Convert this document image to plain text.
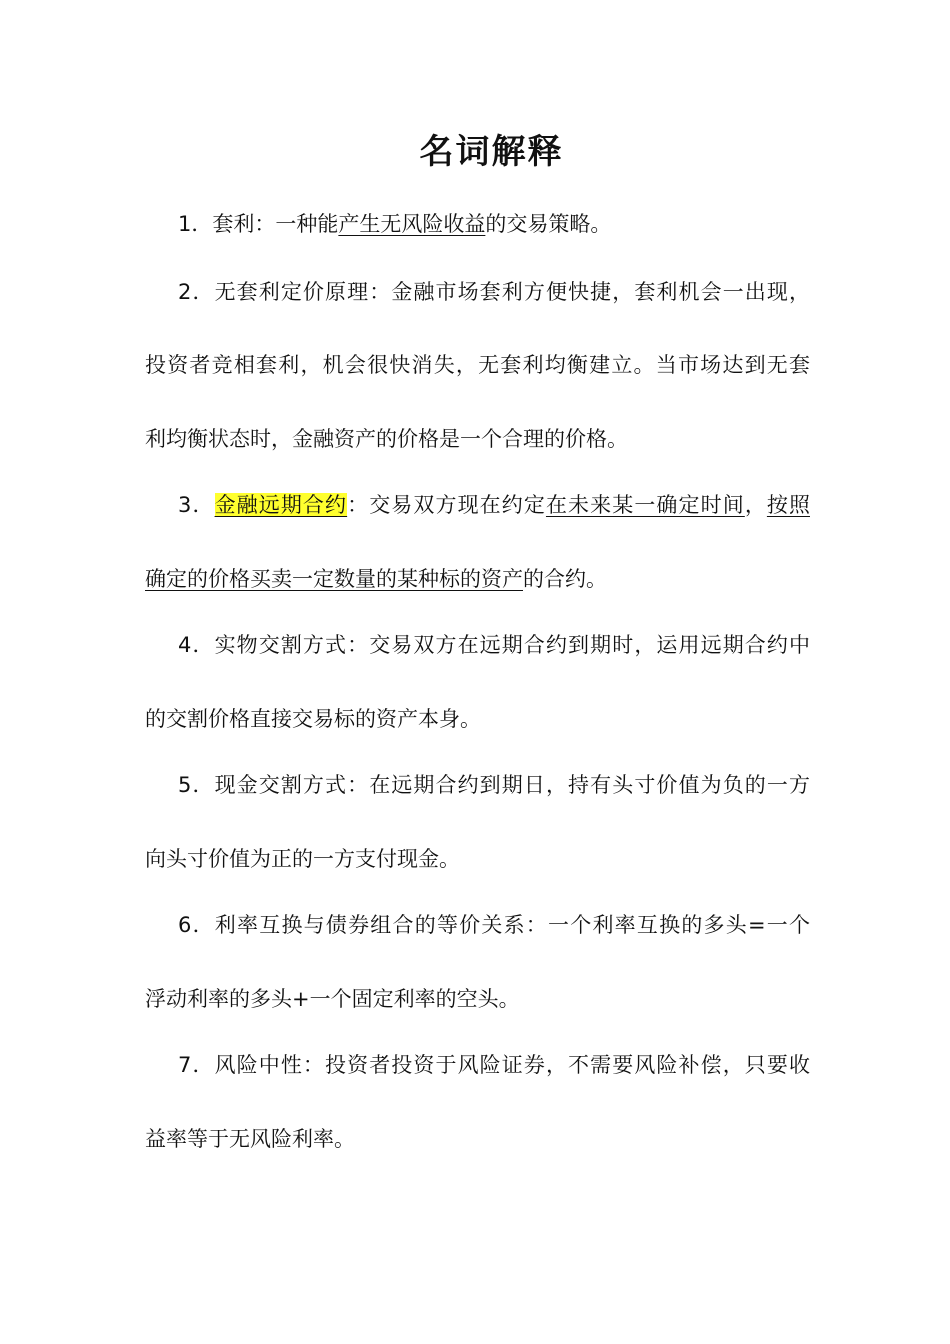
名词解释

1．套利：一种能产生无风险收益的交易策略。

2．无套利定价原理：金融市场套利方便快捷，套利机会一出现，

投资者竞相套利，机会很快消失，无套利均衡建立。当市场达到无套

利均衡状态时，金融资产的价格是一个合理的价格。

3．金融远期合约：交易双方现在约定在未来某一确定时间，按照

确定的价格买卖一定数量的某种标的资产的合约。

4．实物交割方式：交易双方在远期合约到期时，运用远期合约中

的交割价格直接交易标的资产本身。

5．现金交割方式：在远期合约到期日，持有头寸价值为负的一方

向头寸价值为正的一方支付现金。

6．利率互换与债券组合的等价关系：一个利率互换的多头=一个

浮动利率的多头+一个固定利率的空头。

7．风险中性：投资者投资于风险证券，不需要风险补偿，只要收

益率等于无风险利率。
